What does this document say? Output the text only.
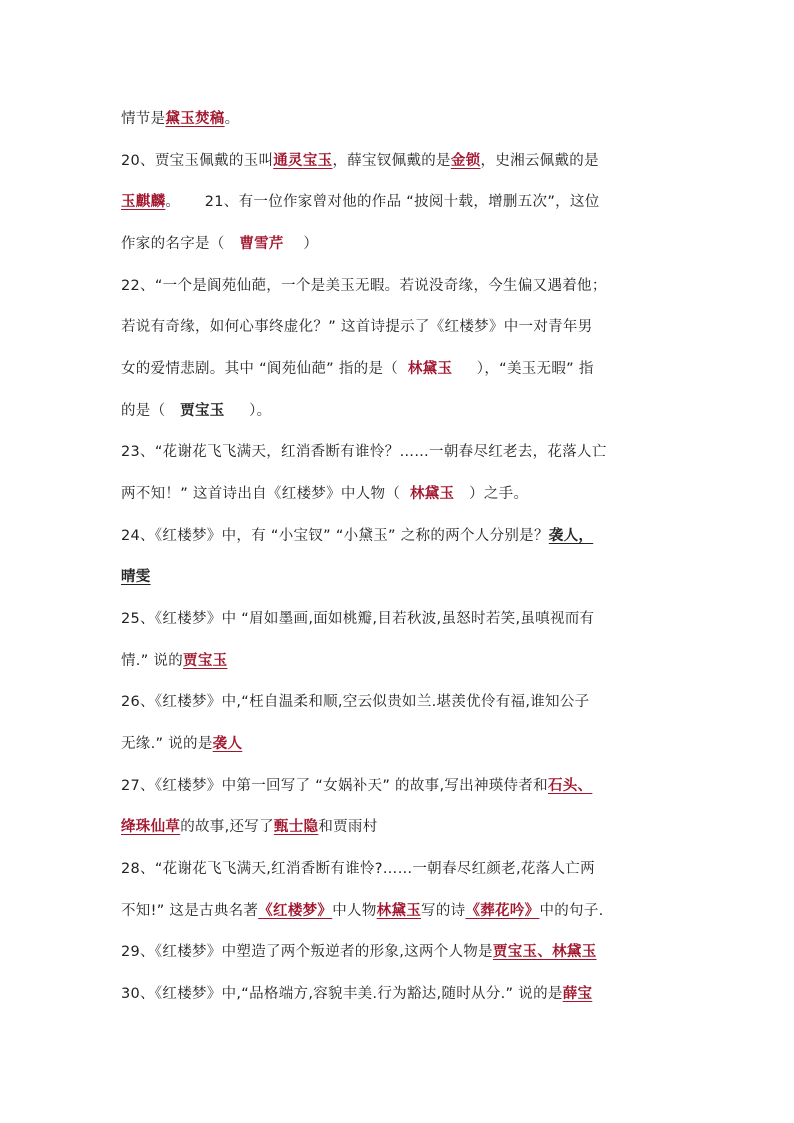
情节是黛玉焚稿。
20、贾宝玉佩戴的玉叫通灵宝玉，薛宝钗佩戴的是金锁，史湘云佩戴的是
玉麒麟。     21、有一位作家曾对他的作品 “披阅十载，增删五次”，这位
作家的名字是（   曹雪芹    ）
22、“一个是阆苑仙葩，一个是美玉无暇。若说没奇缘，今生偏又遇着他；
若说有奇缘，如何心事终虚化？” 这首诗提示了《红楼梦》中一对青年男
女的爱情悲剧。其中 “阆苑仙葩” 指的是（  林黛玉     ），“美玉无暇” 指
的是（   贾宝玉     ）。
23、“花谢花飞飞满天，红消香断有谁怜？……一朝春尽红老去，花落人亡
两不知！” 这首诗出自《红楼梦》中人物（  林黛玉   ）之手。
24、《红楼梦》中，有 “小宝钗” “小黛玉” 之称的两个人分别是？袭人，
晴雯
25、《红楼梦》中 “眉如墨画,面如桃瓣,目若秋波,虽怒时若笑,虽嗔视而有
情.” 说的贾宝玉
26、《红楼梦》中,“枉自温柔和顺,空云似贵如兰.堪羡优伶有福,谁知公子
无缘.” 说的是袭人
27、《红楼梦》中第一回写了 “女娲补天” 的故事,写出神瑛侍者和石头、
绛珠仙草的故事,还写了甄士隐和贾雨村
28、“花谢花飞飞满天,红消香断有谁怜?……一朝春尽红颜老,花落人亡两
不知!” 这是古典名著《红楼梦》中人物林黛玉写的诗《葬花吟》中的句子.
29、《红楼梦》中塑造了两个叛逆者的形象,这两个人物是贾宝玉、林黛玉
30、《红楼梦》中,“品格端方,容貌丰美.行为豁达,随时从分.” 说的是薛宝
